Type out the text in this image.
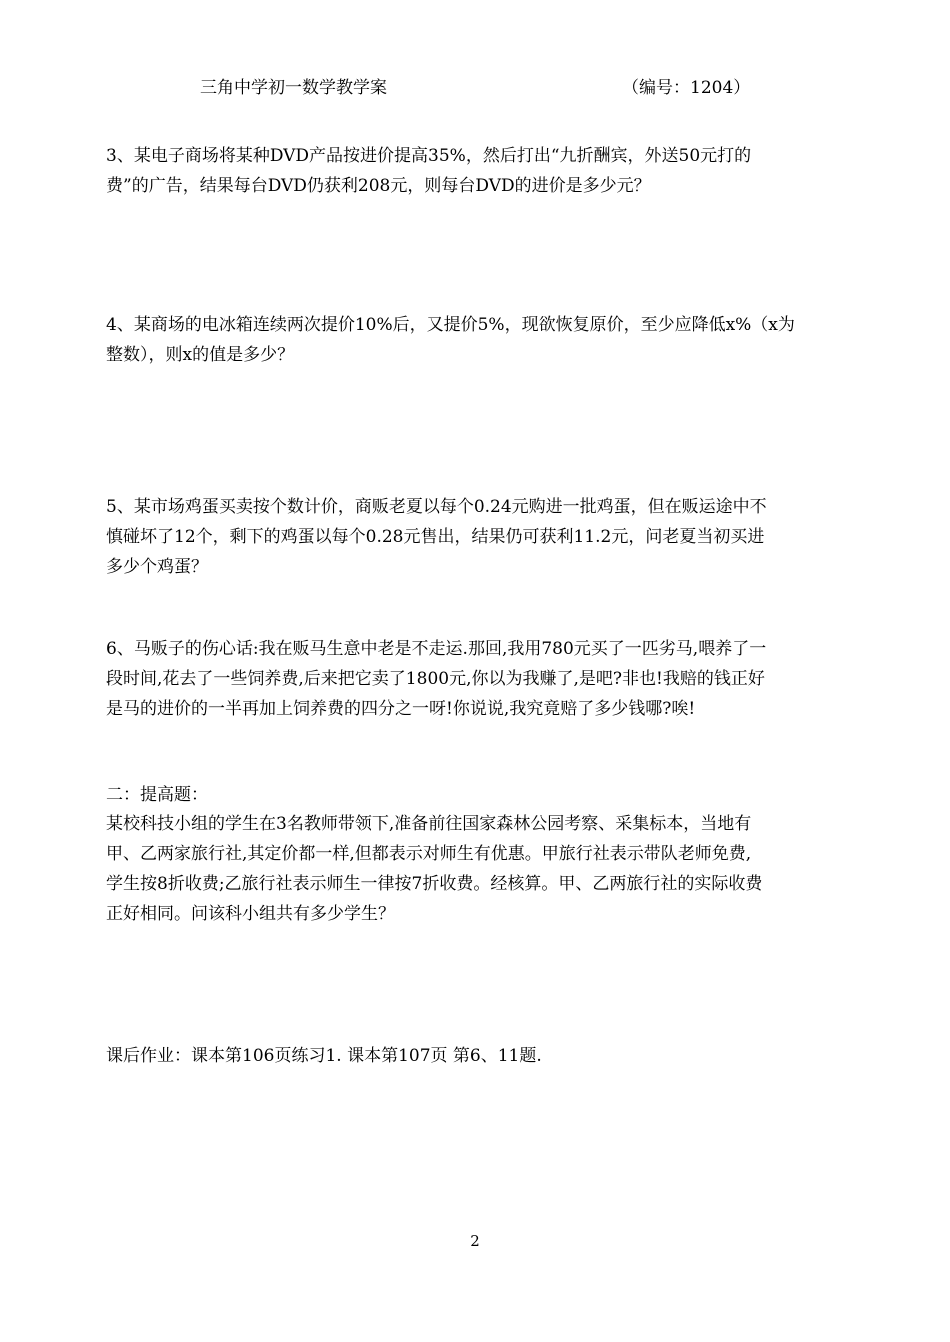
三角中学初一数学教学案	（编号：1204）
3、某电子商场将某种DVD产品按进价提高35%，然后打出“九折酬宾，外送50元打的
费”的广告，结果每台DVD仍获利208元，则每台DVD的进价是多少元？
4、某商场的电冰箱连续两次提价10%后，又提价5%，现欲恢复原价，至少应降低x%（x为
整数），则x的值是多少？
5、某市场鸡蛋买卖按个数计价，商贩老夏以每个0.24元购进一批鸡蛋，但在贩运途中不
慎碰坏了12个，剩下的鸡蛋以每个0.28元售出，结果仍可获利11.2元，问老夏当初买进
多少个鸡蛋？
6、马贩子的伤心话:我在贩马生意中老是不走运.那回,我用780元买了一匹劣马,喂养了一
段时间,花去了一些饲养费,后来把它卖了1800元,你以为我赚了,是吧?非也!我赔的钱正好
是马的进价的一半再加上饲养费的四分之一呀!你说说,我究竟赔了多少钱哪?唉!
二：提高题：
某校科技小组的学生在3名教师带领下,准备前往国家森林公园考察、采集标本，当地有
甲、乙两家旅行社,其定价都一样,但都表示对师生有优惠。甲旅行社表示带队老师免费,
学生按8折收费;乙旅行社表示师生一律按7折收费。经核算。甲、乙两旅行社的实际收费
正好相同。问该科小组共有多少学生？
课后作业：课本第106页练习1. 课本第107页 第6、11题.
2
